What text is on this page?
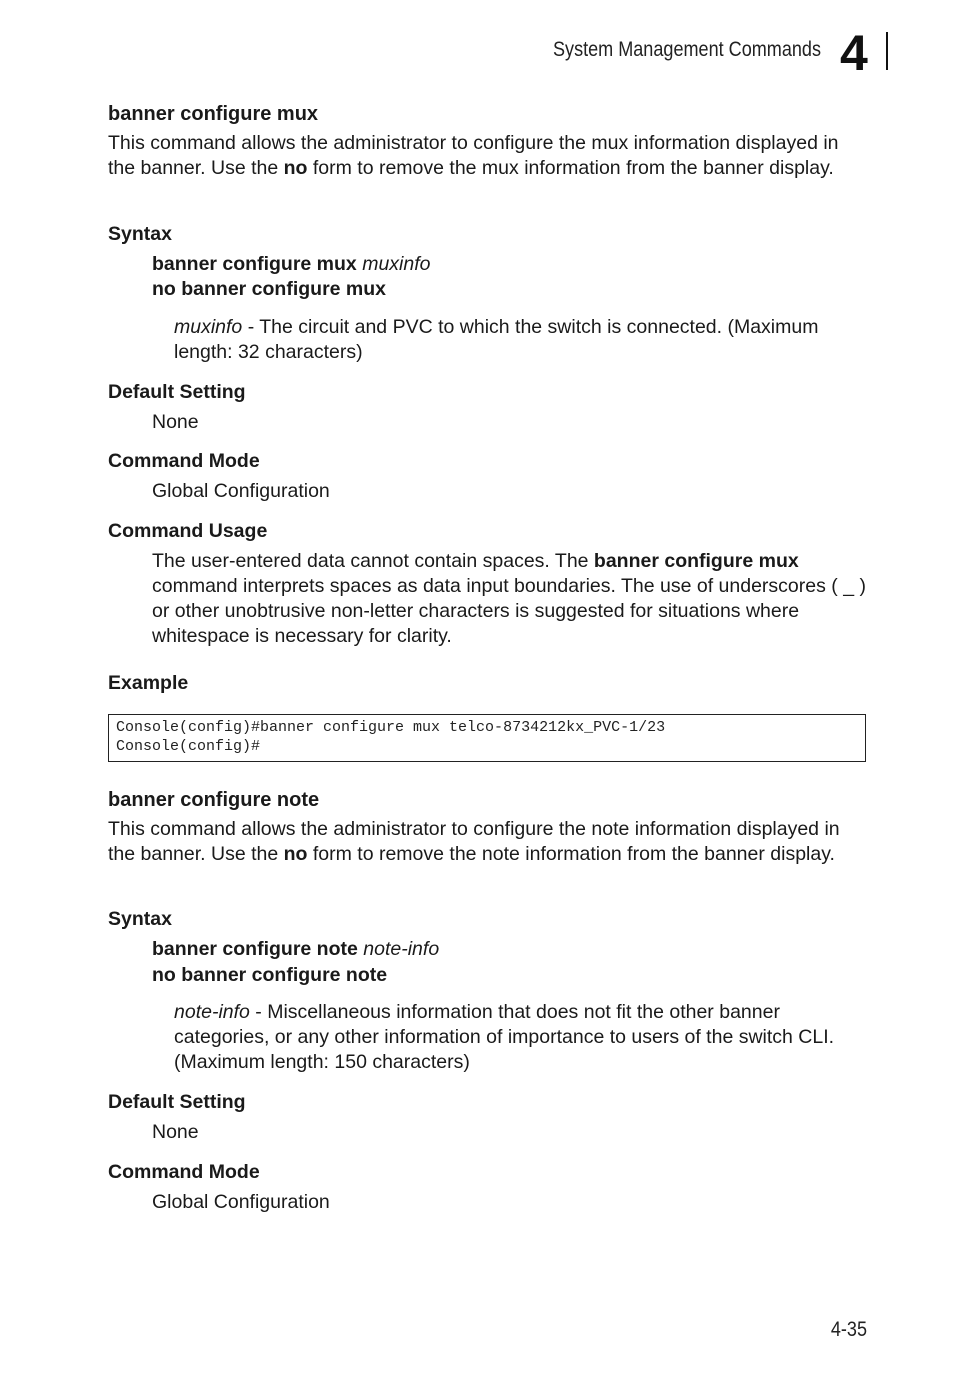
System Management Commands 4
banner configure mux
This command allows the administrator to configure the mux information displayed in the banner. Use the no form to remove the mux information from the banner display.
Syntax
banner configure mux muxinfo
no banner configure mux
muxinfo - The circuit and PVC to which the switch is connected. (Maximum length: 32 characters)
Default Setting
None
Command Mode
Global Configuration
Command Usage
The user-entered data cannot contain spaces. The banner configure mux command interprets spaces as data input boundaries. The use of underscores ( _ ) or other unobtrusive non-letter characters is suggested for situations where whitespace is necessary for clarity.
Example
Console(config)#banner configure mux telco-8734212kx_PVC-1/23
Console(config)#
banner configure note
This command allows the administrator to configure the note information displayed in the banner. Use the no form to remove the note information from the banner display.
Syntax
banner configure note note-info
no banner configure note
note-info - Miscellaneous information that does not fit the other banner categories, or any other information of importance to users of the switch CLI. (Maximum length: 150 characters)
Default Setting
None
Command Mode
Global Configuration
4-35
